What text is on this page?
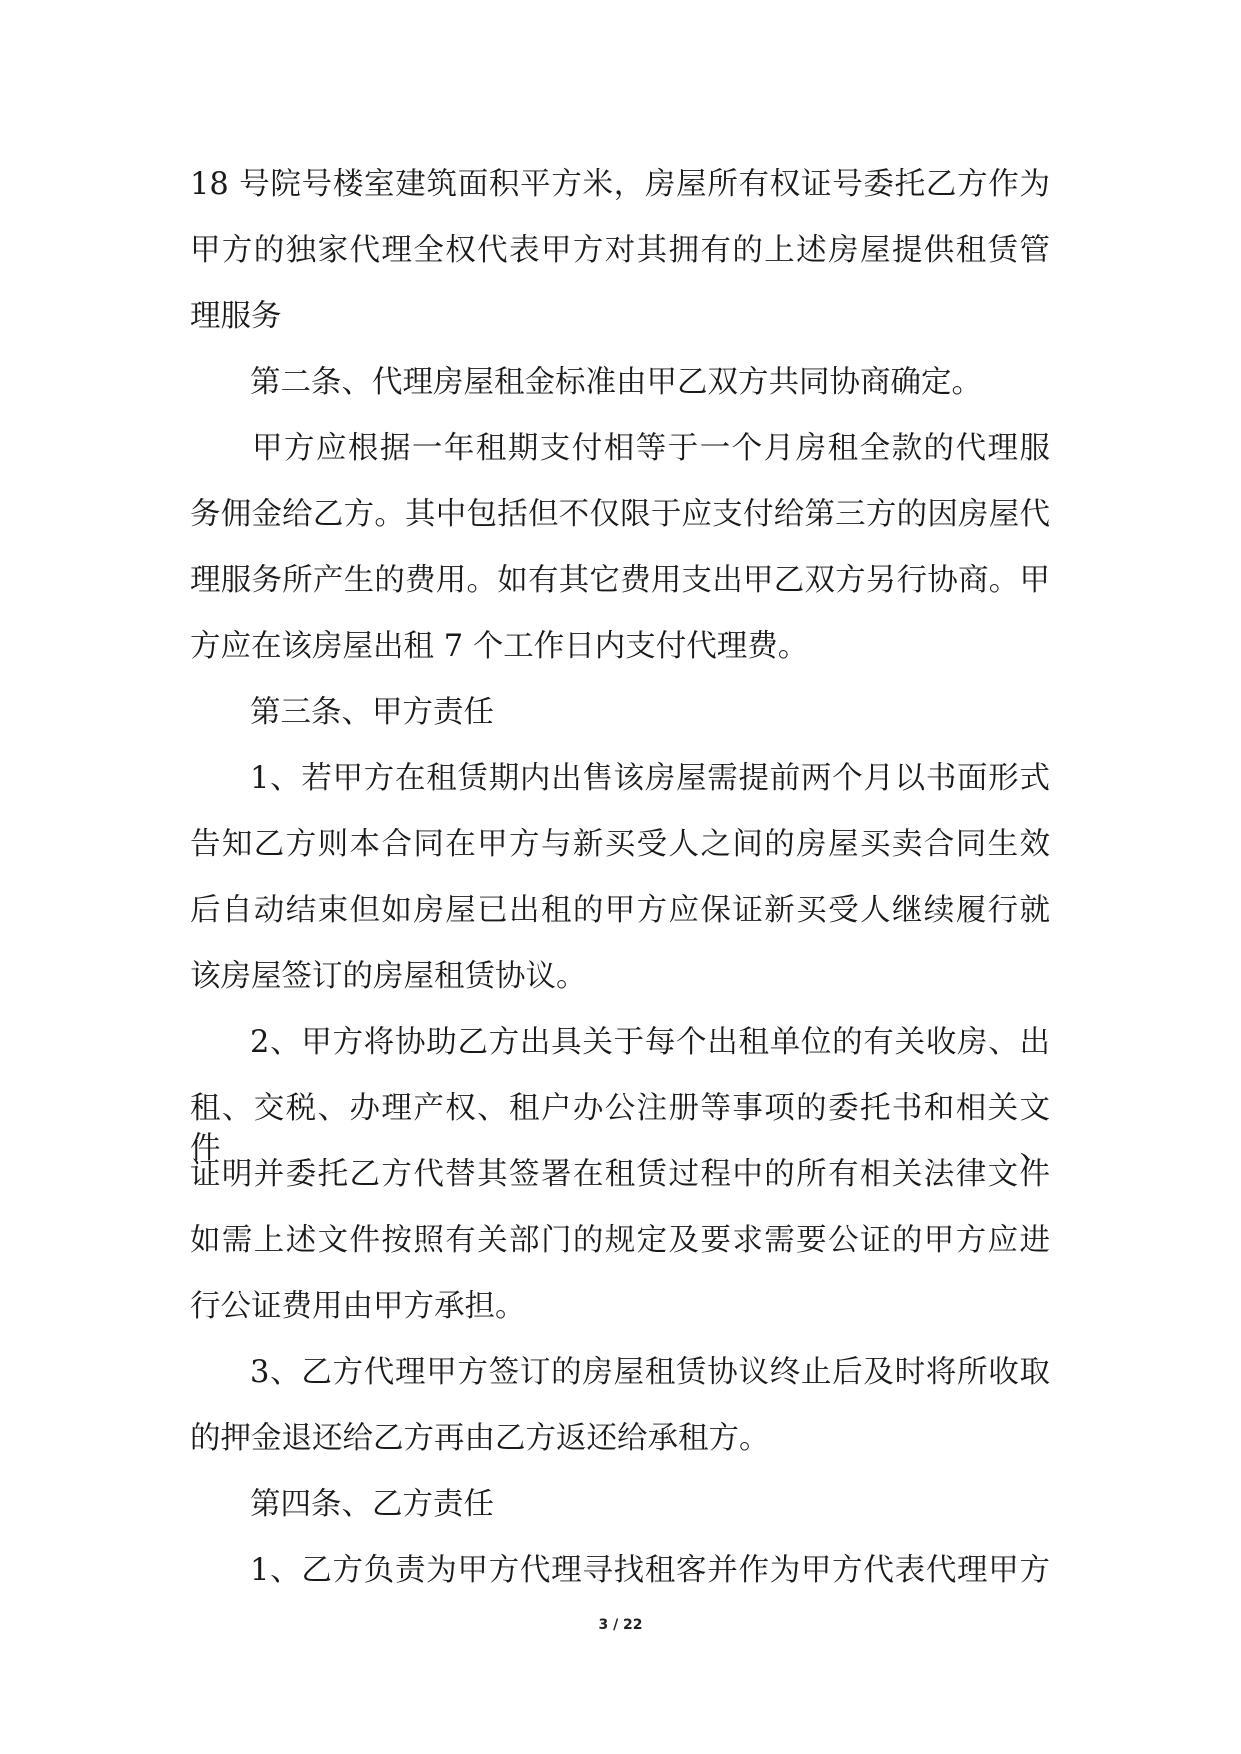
18 号院号楼室建筑面积平方米，房屋所有权证号委托乙方作为
甲方的独家代理全权代表甲方对其拥有的上述房屋提供租赁管
理服务
第二条、代理房屋租金标准由甲乙双方共同协商确定。
甲方应根据一年租期支付相等于一个月房租全款的代理服
务佣金给乙方。其中包括但不仅限于应支付给第三方的因房屋代
理服务所产生的费用。如有其它费用支出甲乙双方另行协商。甲
方应在该房屋出租 7 个工作日内支付代理费。
第三条、甲方责任
1、若甲方在租赁期内出售该房屋需提前两个月以书面形式
告知乙方则本合同在甲方与新买受人之间的房屋买卖合同生效
后自动结束但如房屋已出租的甲方应保证新买受人继续履行就
该房屋签订的房屋租赁协议。
2、甲方将协助乙方出具关于每个出租单位的有关收房、出
租、交税、办理产权、租户办公注册等事项的委托书和相关文件、
证明并委托乙方代替其签署在租赁过程中的所有相关法律文件
如需上述文件按照有关部门的规定及要求需要公证的甲方应进
行公证费用由甲方承担。
3、乙方代理甲方签订的房屋租赁协议终止后及时将所收取
的押金退还给乙方再由乙方返还给承租方。
第四条、乙方责任
1、乙方负责为甲方代理寻找租客并作为甲方代表代理甲方
3 / 22
